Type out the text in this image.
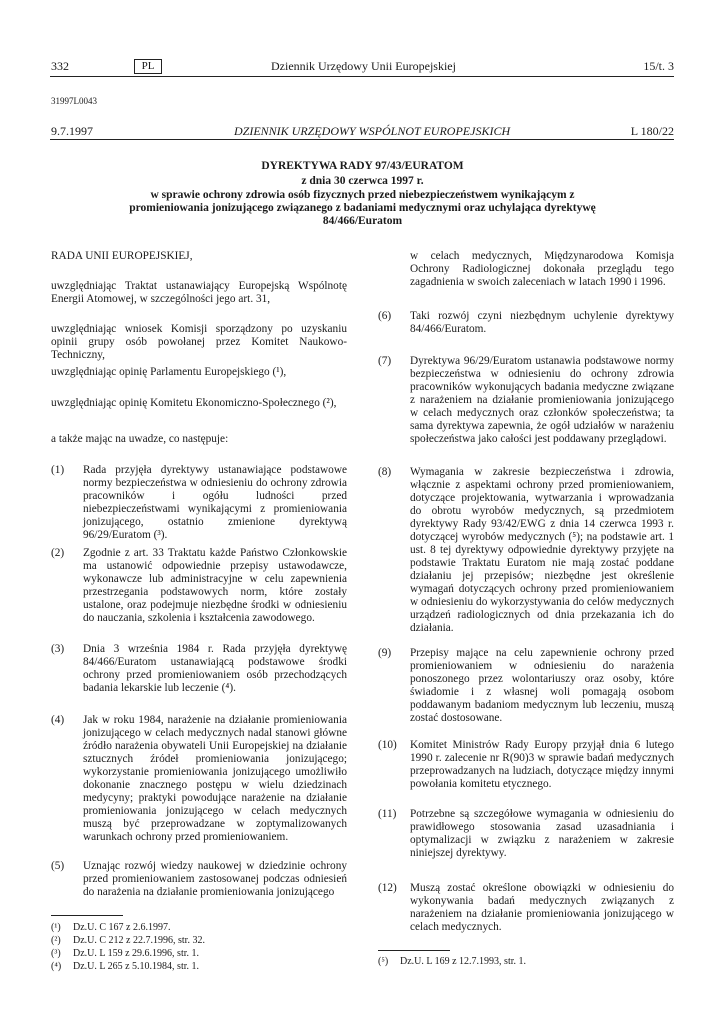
332	PL	Dziennik Urzędowy Unii Europejskiej	15/t. 3
31997L0043
9.7.1997	DZIENNIK URZĘDOWY WSPÓLNOT EUROPEJSKICH	L 180/22
DYREKTYWA RADY 97/43/EURATOM
z dnia 30 czerwca 1997 r.
w sprawie ochrony zdrowia osób fizycznych przed niebezpieczeństwem wynikającym z
promieniowania jonizującego związanego z badaniami medycznymi oraz uchylająca dyrektywę
84/466/Euratom
RADA UNII EUROPEJSKIEJ,
uwzględniając Traktat ustanawiający Europejską Wspólnotę Energii Atomowej, w szczególności jego art. 31,
uwzględniając wniosek Komisji sporządzony po uzyskaniu opinii grupy osób powołanej przez Komitet Naukowo-Techniczny,
uwzględniając opinię Parlamentu Europejskiego (¹),
uwzględniając opinię Komitetu Ekonomiczno-Społecznego (²),
a także mając na uwadze, co następuje:
(1) Rada przyjęła dyrektywy ustanawiające podstawowe normy bezpieczeństwa w odniesieniu do ochrony zdrowia pracowników i ogółu ludności przed niebezpieczeństwami wynikającymi z promieniowania jonizującego, ostatnio zmienione dyrektywą 96/29/Euratom (³).
(2) Zgodnie z art. 33 Traktatu każde Państwo Członkowskie ma ustanowić odpowiednie przepisy ustawodawcze, wykonawcze lub administracyjne w celu zapewnienia przestrzegania podstawowych norm, które zostały ustalone, oraz podejmuje niezbędne środki w odniesieniu do nauczania, szkolenia i kształcenia zawodowego.
(3) Dnia 3 września 1984 r. Rada przyjęła dyrektywę 84/466/Euratom ustanawiającą podstawowe środki ochrony przed promieniowaniem osób przechodzących badania lekarskie lub leczenie (⁴).
(4) Jak w roku 1984, narażenie na działanie promieniowania jonizującego w celach medycznych nadal stanowi główne źródło narażenia obywateli Unii Europejskiej na działanie sztucznych źródeł promieniowania jonizującego; wykorzystanie promieniowania jonizującego umożliwiło dokonanie znacznego postępu w wielu dziedzinach medycyny; praktyki powodujące narażenie na działanie promieniowania jonizującego w celach medycznych muszą być przeprowadzane w zoptymalizowanych warunkach ochrony przed promieniowaniem.
(5) Uznając rozwój wiedzy naukowej w dziedzinie ochrony przed promieniowaniem zastosowanej podczas odniesień do narażenia na działanie promieniowania jonizującego
(¹) Dz.U. C 167 z 2.6.1997.
(²) Dz.U. C 212 z 22.7.1996, str. 32.
(³) Dz.U. L 159 z 29.6.1996, str. 1.
(⁴) Dz.U. L 265 z 5.10.1984, str. 1.
w celach medycznych, Międzynarodowa Komisja Ochrony Radiologicznej dokonała przeglądu tego zagadnienia w swoich zaleceniach w latach 1990 i 1996.
(6) Taki rozwój czyni niezbędnym uchylenie dyrektywy 84/466/Euratom.
(7) Dyrektywa 96/29/Euratom ustanawia podstawowe normy bezpieczeństwa w odniesieniu do ochrony zdrowia pracowników wykonujących badania medyczne związane z narażeniem na działanie promieniowania jonizującego w celach medycznych oraz członków społeczeństwa; ta sama dyrektywa zapewnia, że ogół udziałów w narażeniu społeczeństwa jako całości jest poddawany przeglądowi.
(8) Wymagania w zakresie bezpieczeństwa i zdrowia, włącznie z aspektami ochrony przed promieniowaniem, dotyczące projektowania, wytwarzania i wprowadzania do obrotu wyrobów medycznych, są przedmiotem dyrektywy Rady 93/42/EWG z dnia 14 czerwca 1993 r. dotyczącej wyrobów medycznych (⁵); na podstawie art. 1 ust. 8 tej dyrektywy odpowiednie dyrektywy przyjęte na podstawie Traktatu Euratom nie mają zostać poddane działaniu jej przepisów; niezbędne jest określenie wymagań dotyczących ochrony przed promieniowaniem w odniesieniu do wykorzystywania do celów medycznych urządzeń radiologicznych od dnia przekazania ich do działania.
(9) Przepisy mające na celu zapewnienie ochrony przed promieniowaniem w odniesieniu do narażenia ponoszonego przez wolontariuszy oraz osoby, które świadomie i z własnej woli pomagają osobom poddawanym badaniom medycznym lub leczeniu, muszą zostać dostosowane.
(10) Komitet Ministrów Rady Europy przyjął dnia 6 lutego 1990 r. zalecenie nr R(90)3 w sprawie badań medycznych przeprowadzanych na ludziach, dotyczące między innymi powołania komitetu etycznego.
(11) Potrzebne są szczegółowe wymagania w odniesieniu do prawidłowego stosowania zasad uzasadniania i optymalizacji w związku z narażeniem w zakresie niniejszej dyrektywy.
(12) Muszą zostać określone obowiązki w odniesieniu do wykonywania badań medycznych związanych z narażeniem na działanie promieniowania jonizującego w celach medycznych.
(⁵) Dz.U. L 169 z 12.7.1993, str. 1.
